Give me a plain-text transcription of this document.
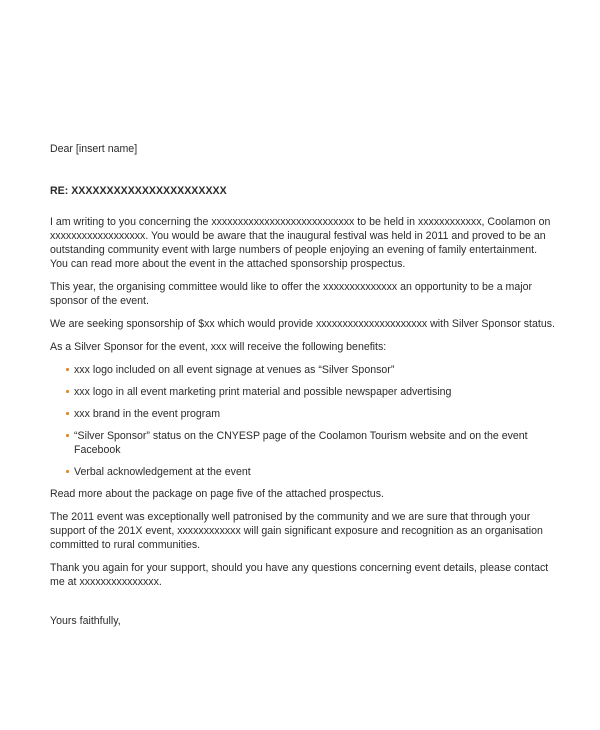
Dear [insert name]

RE: XXXXXXXXXXXXXXXXXXXXXX

I am writing to you concerning the xxxxxxxxxxxxxxxxxxxxxxxxxxx to be held in xxxxxxxxxxxx, Coolamon on xxxxxxxxxxxxxxxxxx. You would be aware that the inaugural festival was held in 2011 and proved to be an outstanding community event with large numbers of people enjoying an evening of family entertainment. You can read more about the event in the attached sponsorship prospectus.

This year, the organising committee would like to offer the xxxxxxxxxxxxxx an opportunity to be a major sponsor of the event.

We are seeking sponsorship of $xx which would provide xxxxxxxxxxxxxxxxxxxxx with Silver Sponsor status.

As a Silver Sponsor for the event, xxx will receive the following benefits:

xxx logo included on all event signage at venues as “Silver Sponsor”
xxx logo in all event marketing print material and possible newspaper advertising
xxx brand in the event program
“Silver Sponsor” status on the CNYESP page of the Coolamon Tourism website and on the event Facebook
Verbal acknowledgement at the event

Read more about the package on page five of the attached prospectus.

The 2011 event was exceptionally well patronised by the community and we are sure that through your support of the 201X event, xxxxxxxxxxxx will gain significant exposure and recognition as an organisation committed to rural communities.

Thank you again for your support, should you have any questions concerning event details, please contact me at xxxxxxxxxxxxxxx.

Yours faithfully,
